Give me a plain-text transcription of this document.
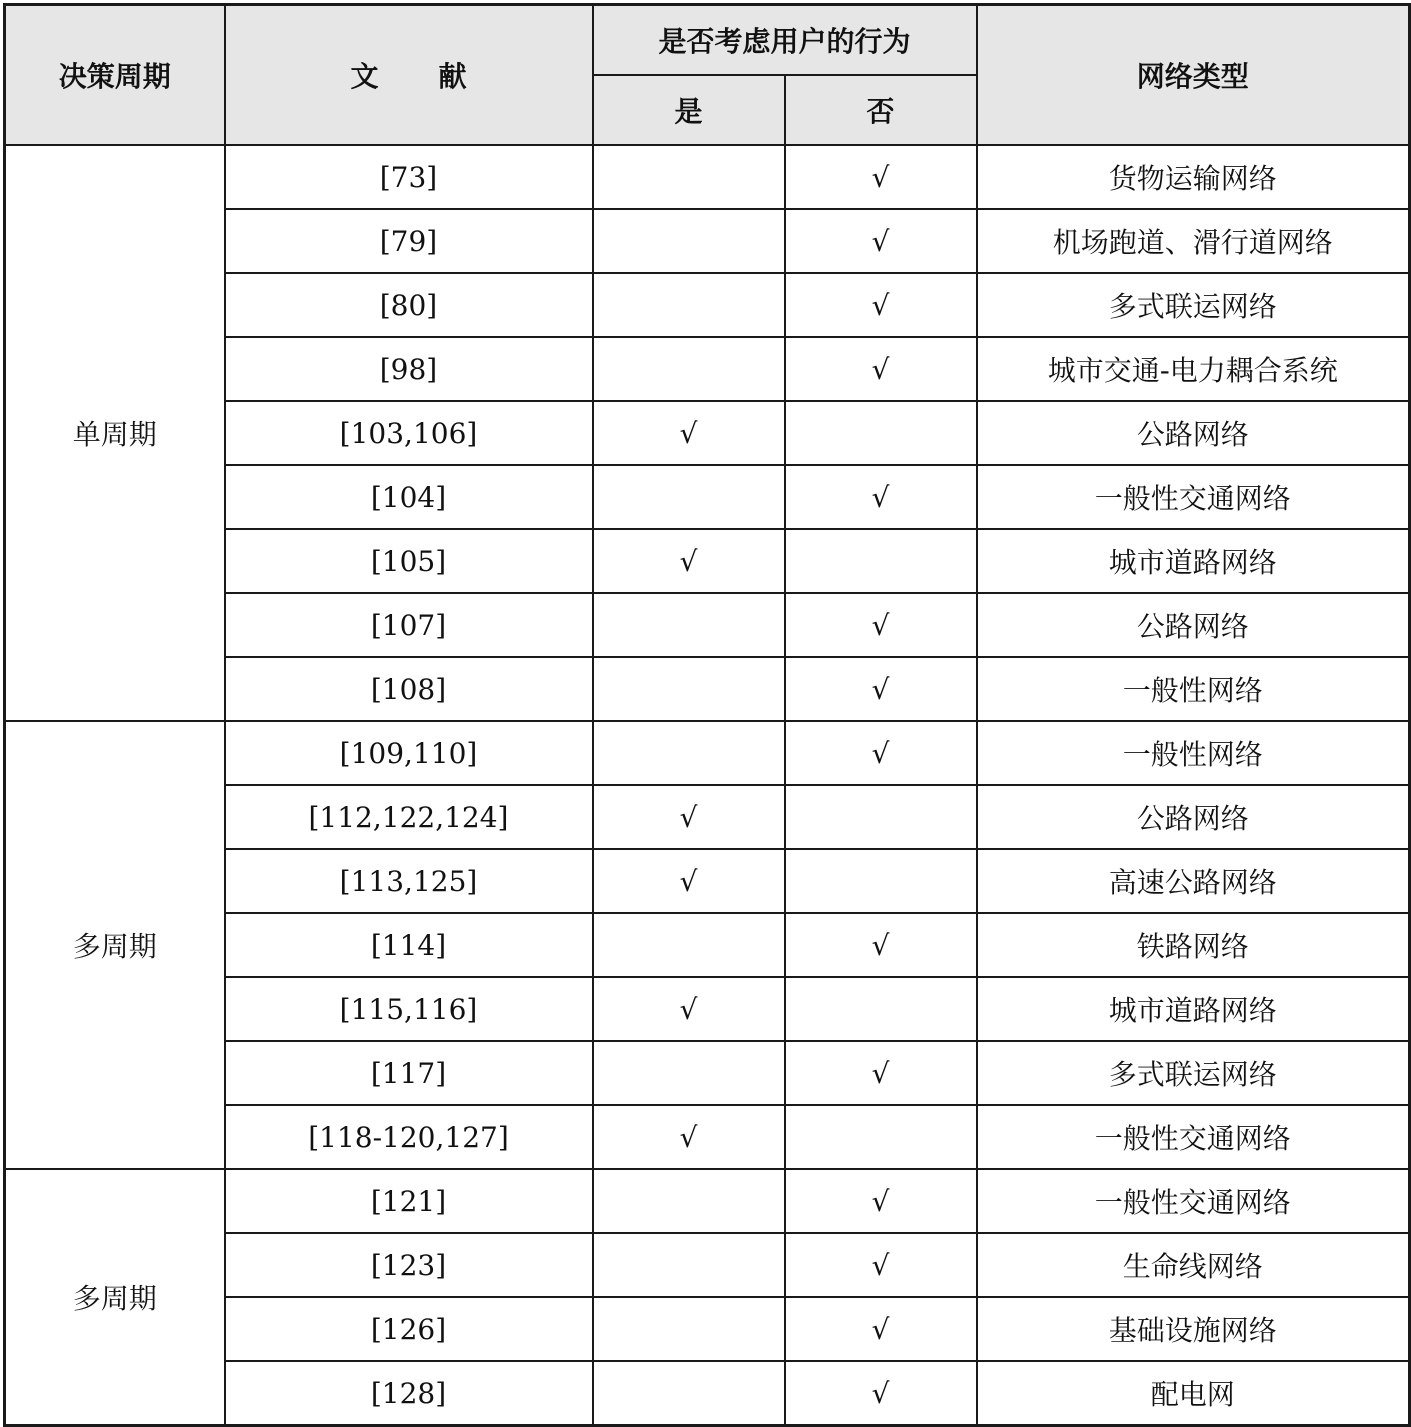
决策周期	文献	是否考虑用户的行为		网络类型
		是	否	
单周期	[73]		√	货物运输网络
	[79]		√	机场跑道、滑行道网络
	[80]		√	多式联运网络
	[98]		√	城市交通-电力耦合系统
	[103,106]	√		公路网络
	[104]		√	一般性交通网络
	[105]	√		城市道路网络
	[107]		√	公路网络
	[108]		√	一般性网络
多周期	[109,110]		√	一般性网络
	[112,122,124]	√		公路网络
	[113,125]	√		高速公路网络
	[114]		√	铁路网络
	[115,116]	√		城市道路网络
	[117]		√	多式联运网络
	[118-120,127]	√		一般性交通网络
多周期	[121]		√	一般性交通网络
	[123]		√	生命线网络
	[126]		√	基础设施网络
	[128]		√	配电网
